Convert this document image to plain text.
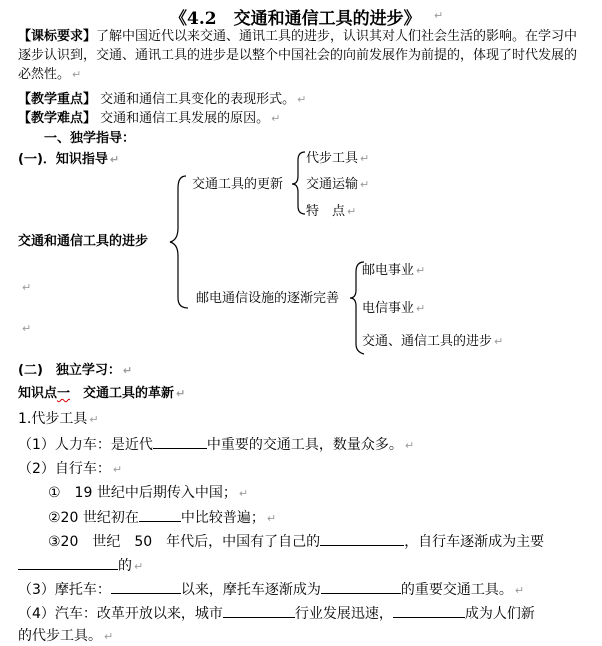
《4.2　交通和通信工具的进步》 ↵
【课标要求】了解中国近代以来交通、通讯工具的进步，认识其对人们社会生活的影响。在学习中逐步认识到，交通、通讯工具的进步是以整个中国社会的向前发展作为前提的，体现了时代发展的必然性。 ↵
【教学重点】 交通和通信工具变化的表现形式。 ↵
【教学难点】 交通和通信工具发展的原因。 ↵
一、独学指导：
(一)．知识指导 ↵
交通和通信工具的进步
交通工具的更新
代步工具 ↵
交通运输 ↵
特　点 ↵
邮电通信设施的逐渐完善
邮电事业 ↵
电信事业 ↵
交通、通信工具的进步 ↵
↵
↵
(二)　独立学习： ↵
知识点一　交通工具的革新 ↵
1.代步工具 ↵
（1）人力车：是近代	中重要的交通工具，数量众多。 ↵
（2）自行车： ↵
①　19 世纪中后期传入中国； ↵
②20 世纪初在	中比较普遍； ↵
③20　世纪　50　年代后，中国有了自己的	，自行车逐渐成为主要
的 ↵
（3）摩托车：	以来，摩托车逐渐成为	的重要交通工具。 ↵
（4）汽车：改革开放以来，城市	行业发展迅速，	成为人们新
的代步工具。 ↵
